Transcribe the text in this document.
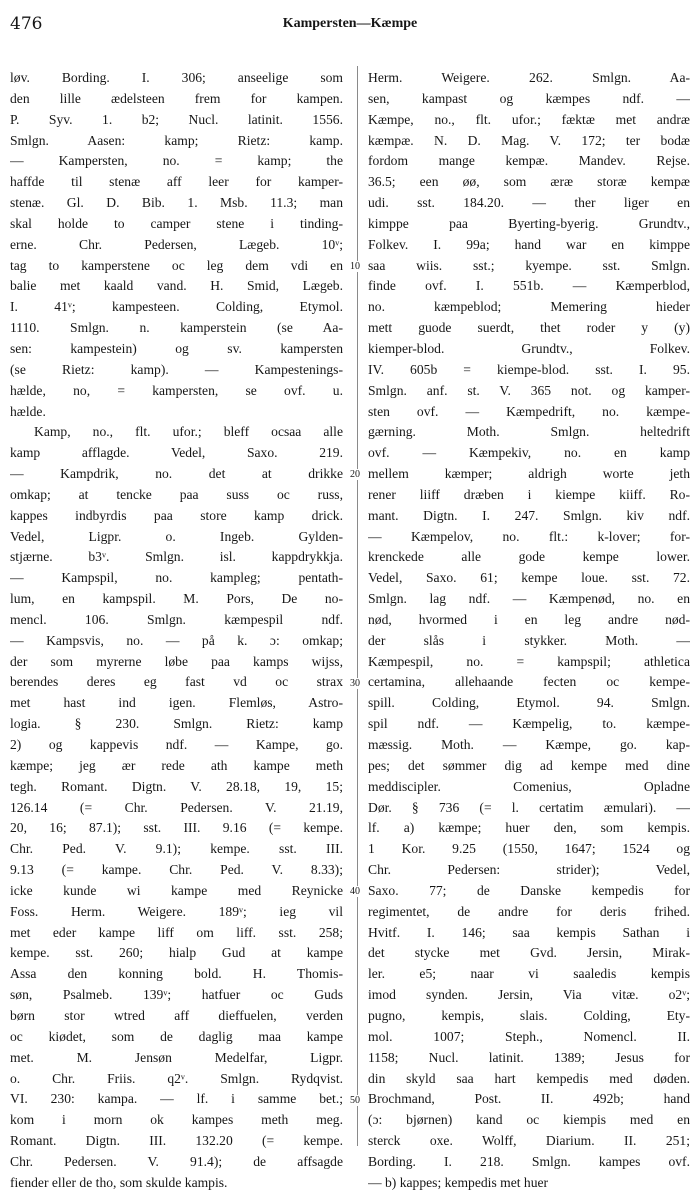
476	Kampersten—Kæmpe
10
20
30
40
50
løv. Bording. I. 306; anseelige som
den lille ædelsteen frem for kampen.
P. Syv. 1. b2; Nucl. latinit. 1556.
Smlgn. Aasen: kamp; Rietz: kamp.
— Kampersten, no. = kamp; the
haffde til stenæ aff leer for kamper-
stenæ. Gl. D. Bib. 1. Msb. 11.3; man
skal holde to camper stene i tinding-
erne. Chr. Pedersen, Lægeb. 10ᵛ;
tag to kamperstene oc leg dem vdi en
balie met kaald vand. H. Smid, Lægeb.
I. 41ᵛ; kampesteen. Colding, Etymol.
1110. Smlgn. n. kamperstein (se Aa-
sen: kampestein) og sv. kampersten
(se Rietz: kamp). — Kampestenings-
hælde, no, = kampersten, se ovf. u.
hælde.
Kamp, no., flt. ufor.; bleff ocsaa alle
kamp afflagde. Vedel, Saxo. 219.
— Kampdrik, no. det at drikke
omkap; at tencke paa suss oc russ,
kappes indbyrdis paa store kamp drick.
Vedel, Ligpr. o. Ingeb. Gylden-
stjærne. b3ᵛ. Smlgn. isl. kappdrykkja.
— Kampspil, no. kampleg; pentath-
lum, en kampspil. M. Pors, De no-
mencl. 106. Smlgn. kæmpespil ndf.
— Kampsvis, no. — på k. ɔ: omkap;
der som myrerne løbe paa kamps wijss,
berendes deres eg fast vd oc strax
met hast ind igen. Flemløs, Astro-
logia. § 230. Smlgn. Rietz: kamp
2) og kappevis ndf. — Kampe, go.
kæmpe; jeg ær rede ath kampe meth
tegh. Romant. Digtn. V. 28.18, 19, 15;
126.14 (= Chr. Pedersen. V. 21.19,
20, 16; 87.1); sst. III. 9.16 (= kempe.
Chr. Ped. V. 9.1); kempe. sst. III.
9.13 (= kampe. Chr. Ped. V. 8.33);
icke kunde wi kampe med Reynicke
Foss. Herm. Weigere. 189ᵛ; ieg vil
met eder kampe liff om liff. sst. 258;
kempe. sst. 260; hialp Gud at kampe
Assa den konning bold. H. Thomis-
søn, Psalmeb. 139ᵛ; hatfuer oc Guds
børn stor wtred aff dieffuelen, verden
oc kiødet, som de daglig maa kampe
met. M. Jensøn Medelfar, Ligpr.
o. Chr. Friis. q2ᵛ. Smlgn. Rydqvist.
VI. 230: kampa. — lf. i samme bet.;
kom i morn ok kampes meth meg.
Romant. Digtn. III. 132.20 (= kempe.
Chr. Pedersen. V. 91.4); de affsagde
fiender eller de tho, som skulde kampis.
Herm. Weigere. 262. Smlgn. Aa-
sen, kampast og kæmpes ndf. —
Kæmpe, no., flt. ufor.; fæktæ met andræ
kæmpæ. N. D. Mag. V. 172; ter bodæ
fordom mange kempæ. Mandev. Rejse.
36.5; een øø, som æræ storæ kempæ
udi. sst. 184.20. — ther liger en
kimppe paa Byerting-byerig. Grundtv.,
Folkev. I. 99a; hand war en kimppe
saa wiis. sst.; kyempe. sst. Smlgn.
finde ovf. I. 551b. — Kæmperblod,
no. kæmpeblod; Memering hieder
mett guode suerdt, thet roder y (y)
kiemper-blod. Grundtv., Folkev.
IV. 605b = kiempe-blod. sst. I. 95.
Smlgn. anf. st. V. 365 not. og kamper-
sten ovf. — Kæmpedrift, no. kæmpe-
gærning. Moth. Smlgn. heltedrift
ovf. — Kæmpekiv, no. en kamp
mellem kæmper; aldrigh worte jeth
rener liiff dræben i kiempe kiiff. Ro-
mant. Digtn. I. 247. Smlgn. kiv ndf.
— Kæmpelov, no. flt.: k-lover; for-
krenckede alle gode kempe lower.
Vedel, Saxo. 61; kempe loue. sst. 72.
Smlgn. lag ndf. — Kæmpenød, no. en
nød, hvormed i en leg andre nød-
der slås i stykker. Moth. —
Kæmpespil, no. = kampspil; athletica
certamina, allehaande fecten oc kempe-
spill. Colding, Etymol. 94. Smlgn.
spil ndf. — Kæmpelig, to. kæmpe-
mæssig. Moth. — Kæmpe, go. kap-
pes; det sømmer dig ad kempe med dine
meddiscipler. Comenius, Opladne
Dør. § 736 (= l. certatim æmulari). —
lf. a) kæmpe; huer den, som kempis.
1 Kor. 9.25 (1550, 1647; 1524 og
Chr. Pedersen: strider); Vedel,
Saxo. 77; de Danske kempedis for
regimentet, de andre for deris frihed.
Hvitf. I. 146; saa kempis Sathan i
det stycke met Gvd. Jersin, Mirak-
ler. e5; naar vi saaledis kempis
imod synden. Jersin, Via vitæ. o2ᵛ;
pugno, kempis, slais. Colding, Ety-
mol. 1007; Steph., Nomencl. II.
1158; Nucl. latinit. 1389; Jesus for
din skyld saa hart kempedis med døden.
Brochmand, Post. II. 492b; hand
(ɔ: bjørnen) kand oc kiempis med en
sterck oxe. Wolff, Diarium. II. 251;
Bording. I. 218. Smlgn. kampes ovf.
— b) kappes; kempedis met huer
